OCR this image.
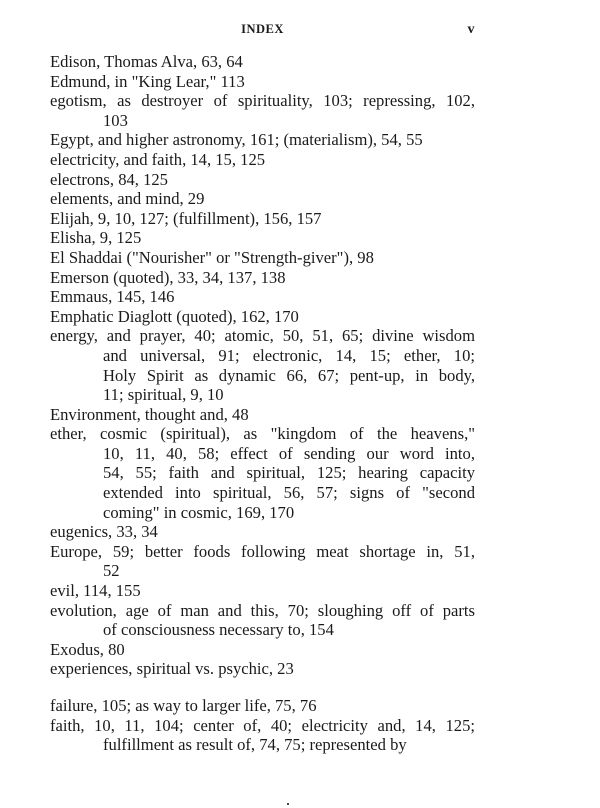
INDEX	v
Edison, Thomas Alva, 63, 64
Edmund, in "King Lear," 113
egotism, as destroyer of spirituality, 103; repressing, 102,
103
Egypt, and higher astronomy, 161; (materialism), 54, 55
electricity, and faith, 14, 15, 125
electrons, 84, 125
elements, and mind, 29
Elijah, 9, 10, 127; (fulfillment), 156, 157
Elisha, 9, 125
El Shaddai ("Nourisher" or "Strength-giver"), 98
Emerson (quoted), 33, 34, 137, 138
Emmaus, 145, 146
Emphatic Diaglott (quoted), 162, 170
energy, and prayer, 40; atomic, 50, 51, 65; divine wisdom
and universal, 91; electronic, 14, 15; ether, 10;
Holy Spirit as dynamic 66, 67; pent-up, in body,
11; spiritual, 9, 10
Environment, thought and, 48
ether, cosmic (spiritual), as "kingdom of the heavens,"
10, 11, 40, 58; effect of sending our word into,
54, 55; faith and spiritual, 125; hearing capacity
extended into spiritual, 56, 57; signs of "second
coming" in cosmic, 169, 170
eugenics, 33, 34
Europe, 59; better foods following meat shortage in, 51,
52
evil, 114, 155
evolution, age of man and this, 70; sloughing off of parts
of consciousness necessary to, 154
Exodus, 80
experiences, spiritual vs. psychic, 23
failure, 105; as way to larger life, 75, 76
faith, 10, 11, 104; center of, 40; electricity and, 14, 125;
fulfillment as result of, 74, 75; represented by
